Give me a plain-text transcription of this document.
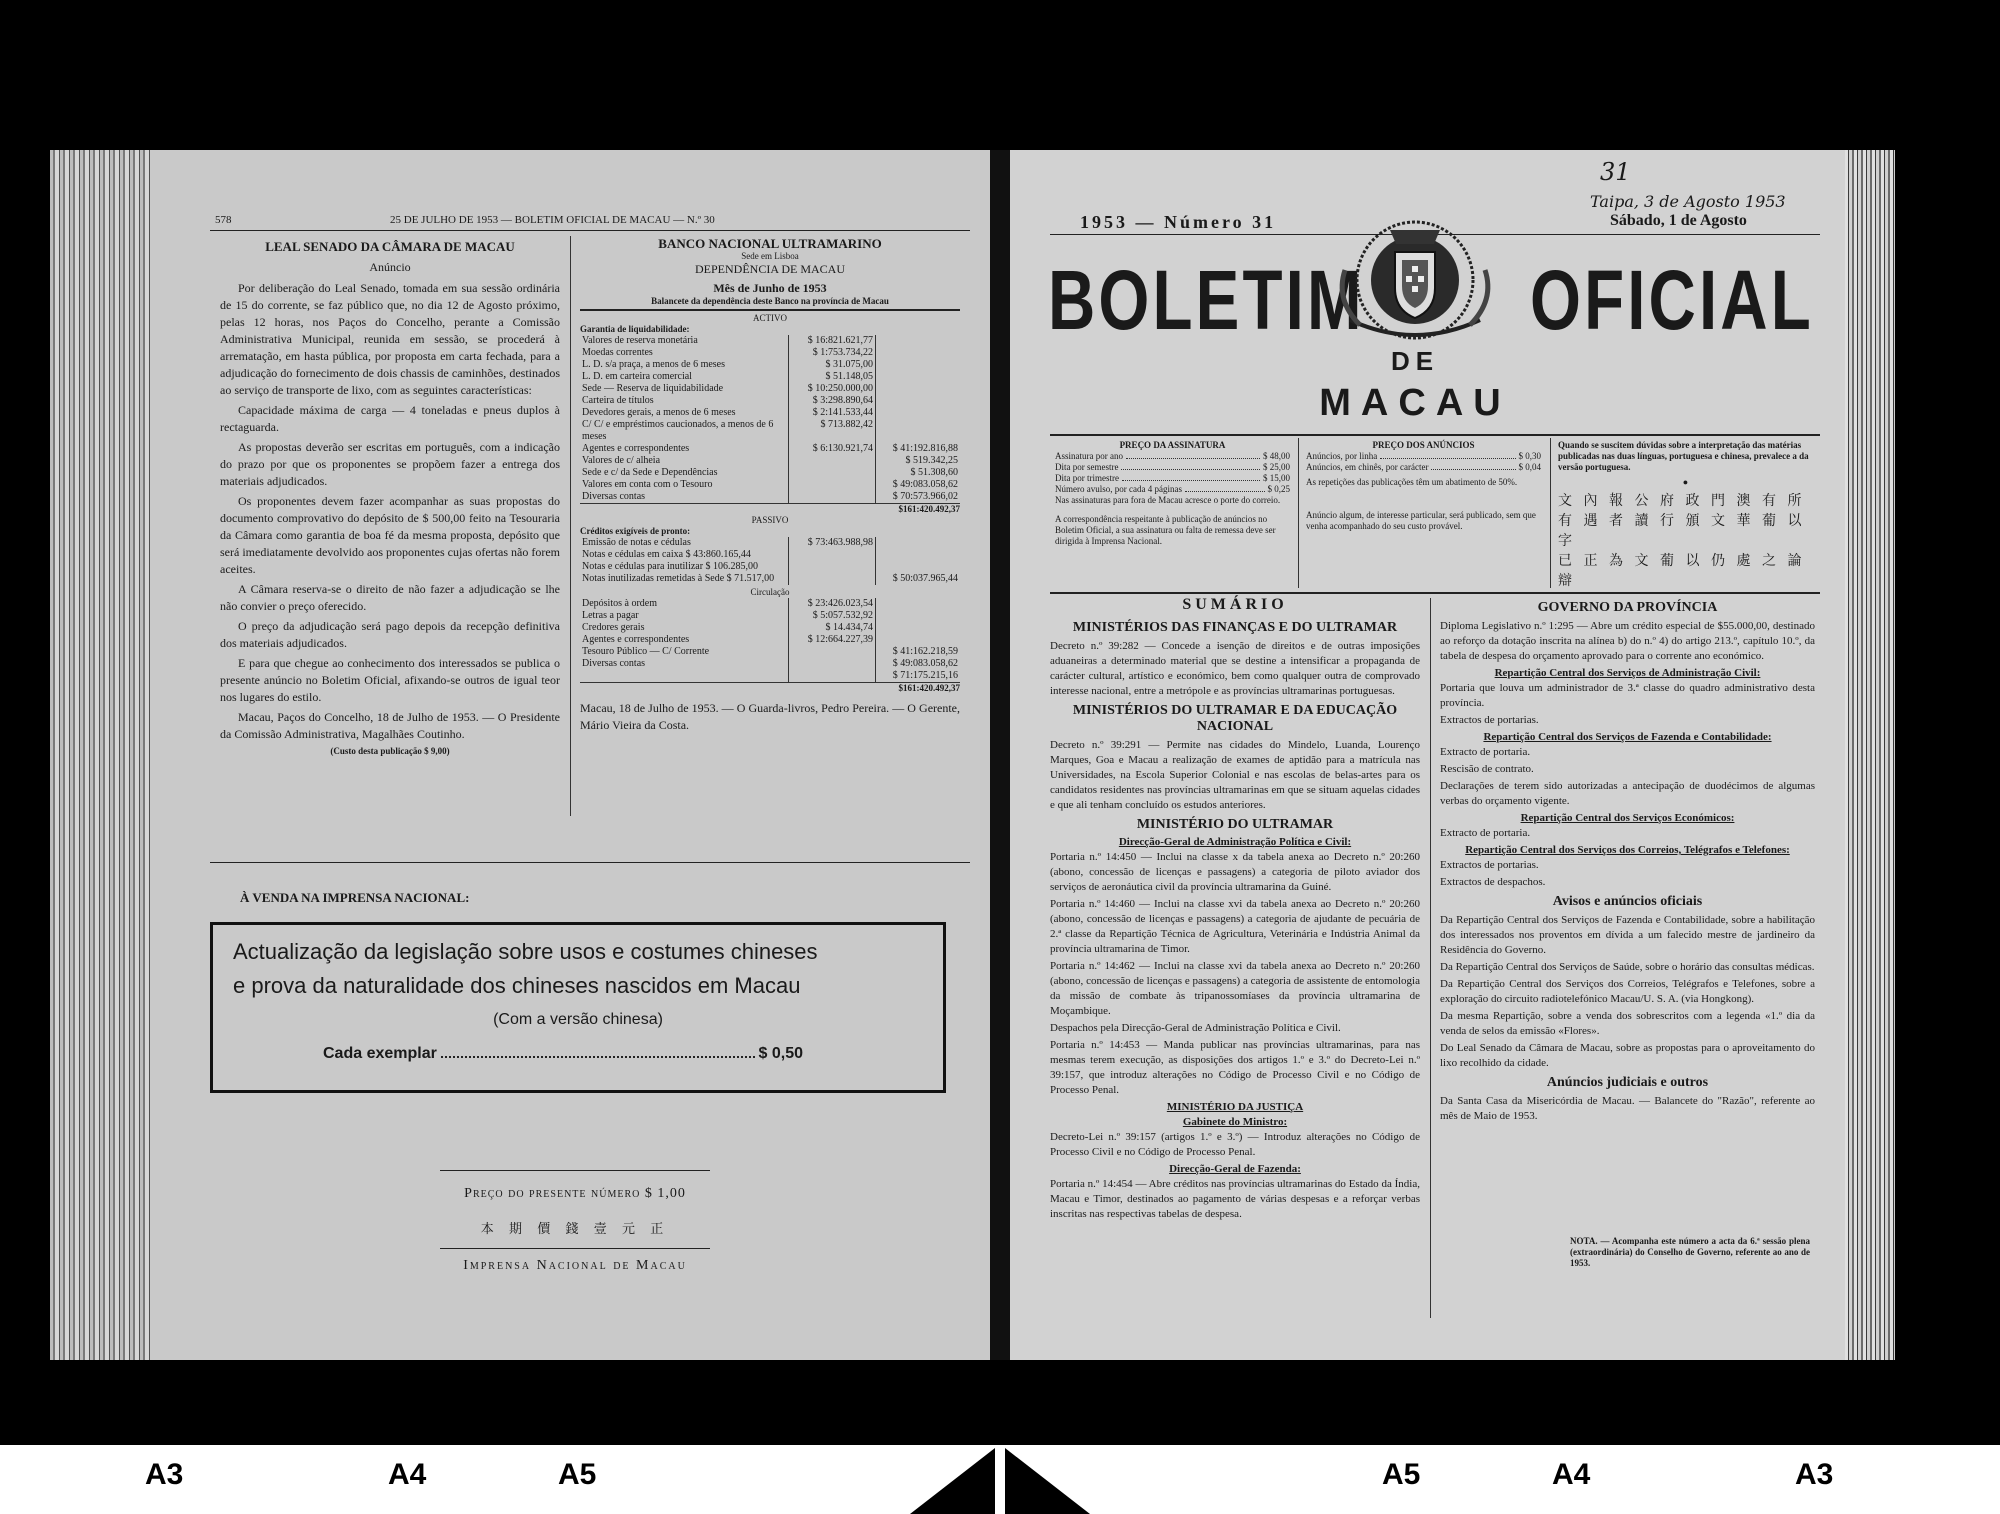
578	25 DE JULHO DE 1953 — BOLETIM OFICIAL DE MACAU — N.º 30
LEAL SENADO DA CÂMARA DE MACAU
Anúncio

Por deliberação do Leal Senado, tomada em sua sessão ordinária de 15 do corrente, se faz público que, no dia 12 de Agosto próximo, pelas 12 horas, nos Paços do Concelho, perante a Comissão Administrativa Municipal, reunida em sessão, se procederá à arrematação, em hasta pública, por proposta em carta fechada, para a adjudicação do fornecimento de dois chassis de caminhões, destinados ao serviço de transporte de lixo, com as seguintes características:

Capacidade máxima de carga — 4 toneladas e pneus duplos à rectaguarda.

As propostas deverão ser escritas em português, com a indicação do prazo por que os proponentes se propõem fazer a entrega dos materiais adjudicados.

Os proponentes devem fazer acompanhar as suas propostas do documento comprovativo do depósito de $ 500,00 feito na Tesouraria da Câmara como garantia de boa fé da mesma proposta, depósito que será imediatamente devolvido aos proponentes cujas ofertas não forem aceites.

A Câmara reserva-se o direito de não fazer a adjudicação se lhe não convier o preço oferecido.

O preço da adjudicação será pago depois da recepção definitiva dos materiais adjudicados.

E para que chegue ao conhecimento dos interessados se publica o presente anúncio no Boletim Oficial, afixando-se outros de igual teor nos lugares do estilo.

Macau, Paços do Concelho, 18 de Julho de 1953. — O Presidente da Comissão Administrativa, Magalhães Coutinho.

(Custo desta publicação $ 9,00)
BANCO NACIONAL ULTRAMARINO
Sede em Lisboa
DEPENDÊNCIA DE MACAU
Mês de Junho de 1953
Balancete da dependência deste Banco na província de Macau
ACTIVO
Garantia de liquidabilidade:
Valores de reserva monetária	$ 16:821.621,77	
Moedas correntes	$ 1:753.734,22	
L. D. s/a praça, a menos de 6 meses	$ 31.075,00	
L. D. em carteira comercial	$ 51.148,05	
Sede — Reserva de liquidabilidade	$ 10:250.000,00	
Carteira de títulos	$ 3:298.890,64	
Devedores gerais, a menos de 6 meses	$ 2:141.533,44	
C/ C/ e empréstimos caucionados, a menos de 6 meses	$ 713.882,42	
Agentes e correspondentes	$ 6:130.921,74	$ 41:192.816,88
Valores de c/ alheia		$ 519.342,25
Sede e c/ da Sede e Dependências		$ 51.308,60
Valores em conta com o Tesouro		$ 49:083.058,62
Diversas contas		$ 70:573.966,02
$161:420.492,37
PASSIVO
Créditos exigíveis de pronto:
Emissão de notas e cédulas	$ 73:463.988,98	
Notas e cédulas em caixa $ 43:860.165,44		
Notas e cédulas para inutilizar $ 106.285,00		
Notas inutilizadas remetidas à Sede $ 71.517,00		$ 50:037.965,44
Circulação
Depósitos à ordem	$ 23:426.023,54	
Letras a pagar	$ 5:057.532,92	
Credores gerais	$ 14.434,74	
Agentes e correspondentes	$ 12:664.227,39	
Tesouro Público — C/ Corrente		$ 41:162.218,59
Diversas contas		$ 49:083.058,62
		$ 71:175.215,16
$161:420.492,37
Macau, 18 de Julho de 1953. — O Guarda-livros, Pedro Pereira. — O Gerente, Mário Vieira da Costa.
À VENDA NA IMPRENSA NACIONAL:
Actualização da legislação sobre usos e costumes chineses
e prova da naturalidade dos chineses nascidos em Macau
(Com a versão chinesa)
Cada exemplar	$ 0,50
Preço do presente número $ 1,00
本 期 價 錢 壹 元 正
Imprensa Nacional de Macau
31
Taipa, 3 de Agosto 1953
1953 — Número 31	Sábado, 1 de Agosto
BOLETIM OFICIAL
DE
MACAU
PREÇO DA ASSINATURA
Assinatura por ano	$ 48,00
Dita por semestre	$ 25,00
Dita por trimestre	$ 15,00
Número avulso, por cada 4 páginas	$ 0,25
Nas assinaturas para fora de Macau acresce o porte do correio.
A correspondência respeitante à publicação de anúncios no Boletim Oficial, a sua assinatura ou falta de remessa deve ser dirigida à Imprensa Nacional.
PREÇO DOS ANÚNCIOS
Anúncios, por linha	$ 0,30
Anúncios, em chinês, por carácter	$ 0,04
As repetições das publicações têm um abatimento de 50%.
Anúncio algum, de interesse particular, será publicado, sem que venha acompanhado do seu custo provável.
Quando se suscitem dúvidas sobre a interpretação das matérias publicadas nas duas línguas, portuguesa e chinesa, prevalece a da versão portuguesa.
●
文 內 報 公 府 政 門 澳 有 所
有 遇 者 讀 行 頒 文 華 葡 以 字
已 正 為 文 葡 以 仍 處 之 論 辯
SUMÁRIO
MINISTÉRIOS DAS FINANÇAS E DO ULTRAMAR

Decreto n.º 39:282 — Concede a isenção de direitos e de outras imposições aduaneiras a determinado material que se destine a intensificar a propaganda de carácter cultural, artístico e económico, bem como qualquer outra de comprovado interesse nacional, entre a metrópole e as províncias ultramarinas portuguesas.

MINISTÉRIOS DO ULTRAMAR E DA EDUCAÇÃO NACIONAL

Decreto n.º 39:291 — Permite nas cidades do Mindelo, Luanda, Lourenço Marques, Goa e Macau a realização de exames de aptidão para a matrícula nas Universidades, na Escola Superior Colonial e nas escolas de belas-artes para os candidatos residentes nas províncias ultramarinas em que se situam aquelas cidades e que ali tenham concluído os estudos anteriores.

MINISTÉRIO DO ULTRAMAR
Direcção-Geral de Administração Política e Civil:

Portaria n.º 14:450 — Inclui na classe x da tabela anexa ao Decreto n.º 20:260 (abono, concessão de licenças e passagens) a categoria de piloto aviador dos serviços de aeronáutica civil da província ultramarina da Guiné.

Portaria n.º 14:460 — Inclui na classe xvi da tabela anexa ao Decreto n.º 20:260 (abono, concessão de licenças e passagens) a categoria de ajudante de pecuária de 2.ª classe da Repartição Técnica de Agricultura, Veterinária e Indústria Animal da província ultramarina de Timor.

Portaria n.º 14:462 — Inclui na classe xvi da tabela anexa ao Decreto n.º 20:260 (abono, concessão de licenças e passagens) a categoria de assistente de entomologia da missão de combate às tripanossomíases da província ultramarina de Moçambique.

Despachos pela Direcção-Geral de Administração Política e Civil.

Portaria n.º 14:453 — Manda publicar nas províncias ultramarinas, para nas mesmas terem execução, as disposições dos artigos 1.º e 3.º do Decreto-Lei n.º 39:157, que introduz alterações no Código de Processo Civil e no Código de Processo Penal.

MINISTÉRIO DA JUSTIÇA
Gabinete do Ministro:

Decreto-Lei n.º 39:157 (artigos 1.º e 3.º) — Introduz alterações no Código de Processo Civil e no Código de Processo Penal.

Direcção-Geral de Fazenda:

Portaria n.º 14:454 — Abre créditos nas províncias ultramarinas do Estado da Índia, Macau e Timor, destinados ao pagamento de várias despesas e a reforçar verbas inscritas nas respectivas tabelas de despesa.

GOVERNO DA PROVÍNCIA

Diploma Legislativo n.º 1:295 — Abre um crédito especial de $55.000,00, destinado ao reforço da dotação inscrita na alínea b) do n.º 4) do artigo 213.º, capítulo 10.º, da tabela de despesa do orçamento aprovado para o corrente ano económico.

Repartição Central dos Serviços de Administração Civil:

Portaria que louva um administrador de 3.ª classe do quadro administrativo desta província.

Extractos de portarias.

Repartição Central dos Serviços de Fazenda e Contabilidade:

Extracto de portaria.

Rescisão de contrato.

Declarações de terem sido autorizadas a antecipação de duodécimos de algumas verbas do orçamento vigente.

Repartição Central dos Serviços Económicos:

Extracto de portaria.

Repartição Central dos Serviços dos Correios, Telégrafos e Telefones:

Extractos de portarias.

Extractos de despachos.

Avisos e anúncios oficiais

Da Repartição Central dos Serviços de Fazenda e Contabilidade, sobre a habilitação dos interessados nos proventos em dívida a um falecido mestre de jardineiro da Residência do Governo.

Da Repartição Central dos Serviços de Saúde, sobre o horário das consultas médicas.

Da Repartição Central dos Serviços dos Correios, Telégrafos e Telefones, sobre a exploração do circuito radiotelefónico Macau/U. S. A. (via Hongkong).

Da mesma Repartição, sobre a venda dos sobrescritos com a legenda «1.º dia da venda de selos da emissão «Flores».

Do Leal Senado da Câmara de Macau, sobre as propostas para o aproveitamento do lixo recolhido da cidade.

Anúncios judiciais e outros

Da Santa Casa da Misericórdia de Macau. — Balancete do "Razão", referente ao mês de Maio de 1953.

NOTA. — Acompanha este número a acta da 6.ª sessão plena (extraordinária) do Conselho de Governo, referente ao ano de 1953.
A3	A4	A5	A5	A4	A3
